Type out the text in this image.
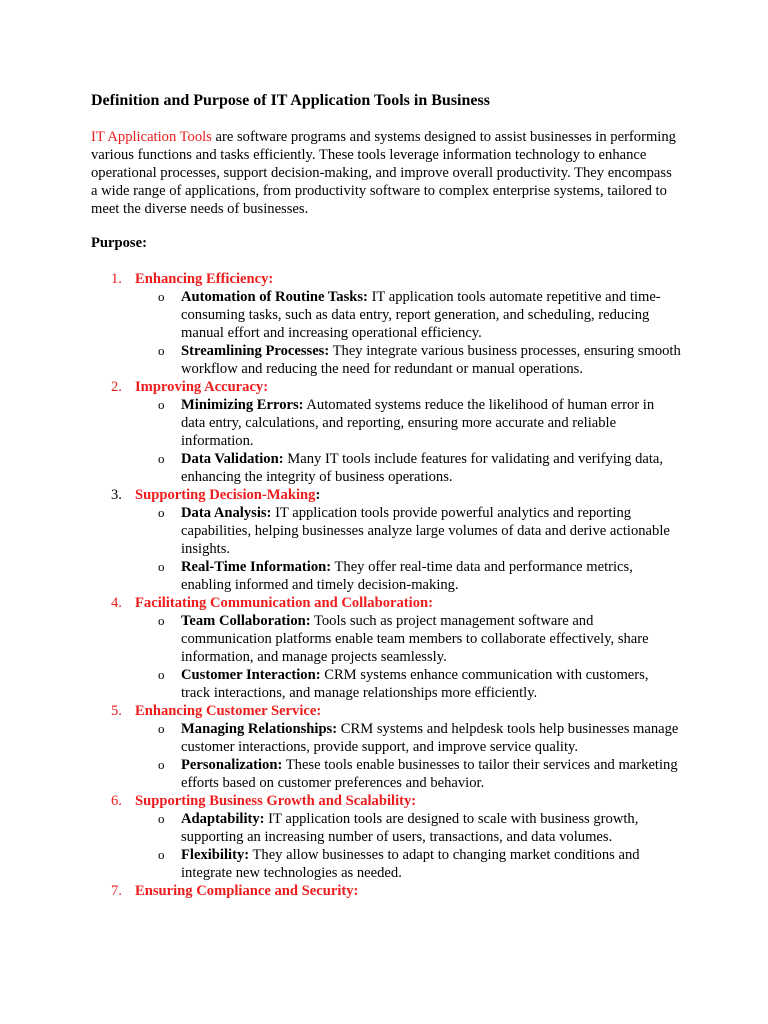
Definition and Purpose of IT Application Tools in Business

IT Application Tools are software programs and systems designed to assist businesses in performing various functions and tasks efficiently. These tools leverage information technology to enhance operational processes, support decision-making, and improve overall productivity. They encompass a wide range of applications, from productivity software to complex enterprise systems, tailored to meet the diverse needs of businesses.

Purpose:
1. Enhancing Efficiency:
o Automation of Routine Tasks: IT application tools automate repetitive and time-consuming tasks, such as data entry, report generation, and scheduling, reducing manual effort and increasing operational efficiency.
o Streamlining Processes: They integrate various business processes, ensuring smooth workflow and reducing the need for redundant or manual operations.
2. Improving Accuracy:
o Minimizing Errors: Automated systems reduce the likelihood of human error in data entry, calculations, and reporting, ensuring more accurate and reliable information.
o Data Validation: Many IT tools include features for validating and verifying data, enhancing the integrity of business operations.
3. Supporting Decision-Making:
o Data Analysis: IT application tools provide powerful analytics and reporting capabilities, helping businesses analyze large volumes of data and derive actionable insights.
o Real-Time Information: They offer real-time data and performance metrics, enabling informed and timely decision-making.
4. Facilitating Communication and Collaboration:
o Team Collaboration: Tools such as project management software and communication platforms enable team members to collaborate effectively, share information, and manage projects seamlessly.
o Customer Interaction: CRM systems enhance communication with customers, track interactions, and manage relationships more efficiently.
5. Enhancing Customer Service:
o Managing Relationships: CRM systems and helpdesk tools help businesses manage customer interactions, provide support, and improve service quality.
o Personalization: These tools enable businesses to tailor their services and marketing efforts based on customer preferences and behavior.
6. Supporting Business Growth and Scalability:
o Adaptability: IT application tools are designed to scale with business growth, supporting an increasing number of users, transactions, and data volumes.
o Flexibility: They allow businesses to adapt to changing market conditions and integrate new technologies as needed.
7. Ensuring Compliance and Security:
